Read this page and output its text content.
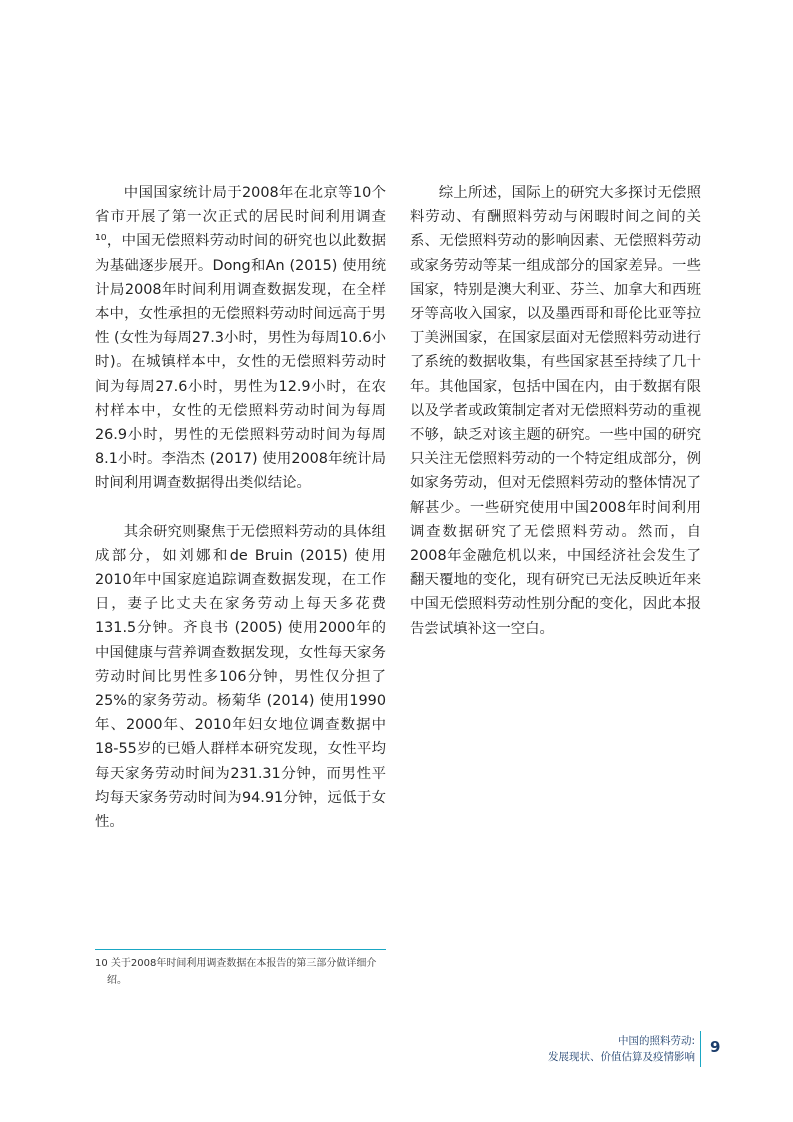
中国国家统计局于2008年在北京等10个省市开展了第一次正式的居民时间利用调查¹⁰，中国无偿照料劳动时间的研究也以此数据为基础逐步展开。Dong和An (2015) 使用统计局2008年时间利用调查数据发现，在全样本中，女性承担的无偿照料劳动时间远高于男性 (女性为每周27.3小时，男性为每周10.6小时)。在城镇样本中，女性的无偿照料劳动时间为每周27.6小时，男性为12.9小时，在农村样本中，女性的无偿照料劳动时间为每周26.9小时，男性的无偿照料劳动时间为每周8.1小时。李浩杰 (2017) 使用2008年统计局时间利用调查数据得出类似结论。

其余研究则聚焦于无偿照料劳动的具体组成部分，如刘娜和de Bruin (2015) 使用2010年中国家庭追踪调查数据发现，在工作日，妻子比丈夫在家务劳动上每天多花费131.5分钟。齐良书 (2005) 使用2000年的中国健康与营养调查数据发现，女性每天家务劳动时间比男性多106分钟，男性仅分担了25%的家务劳动。杨菊华 (2014) 使用1990年、2000年、2010年妇女地位调查数据中18-55岁的已婚人群样本研究发现，女性平均每天家务劳动时间为231.31分钟，而男性平均每天家务劳动时间为94.91分钟，远低于女性。

综上所述，国际上的研究大多探讨无偿照料劳动、有酬照料劳动与闲暇时间之间的关系、无偿照料劳动的影响因素、无偿照料劳动或家务劳动等某一组成部分的国家差异。一些国家，特别是澳大利亚、芬兰、加拿大和西班牙等高收入国家，以及墨西哥和哥伦比亚等拉丁美洲国家，在国家层面对无偿照料劳动进行了系统的数据收集，有些国家甚至持续了几十年。其他国家，包括中国在内，由于数据有限以及学者或政策制定者对无偿照料劳动的重视不够，缺乏对该主题的研究。一些中国的研究只关注无偿照料劳动的一个特定组成部分，例如家务劳动，但对无偿照料劳动的整体情况了解甚少。一些研究使用中国2008年时间利用调查数据研究了无偿照料劳动。然而，自2008年金融危机以来，中国经济社会发生了翻天覆地的变化，现有研究已无法反映近年来中国无偿照料劳动性别分配的变化，因此本报告尝试填补这一空白。

10 关于2008年时间利用调查数据在本报告的第三部分做详细介绍。
中国的照料劳动:
发展现状、价值估算及疫情影响
9
